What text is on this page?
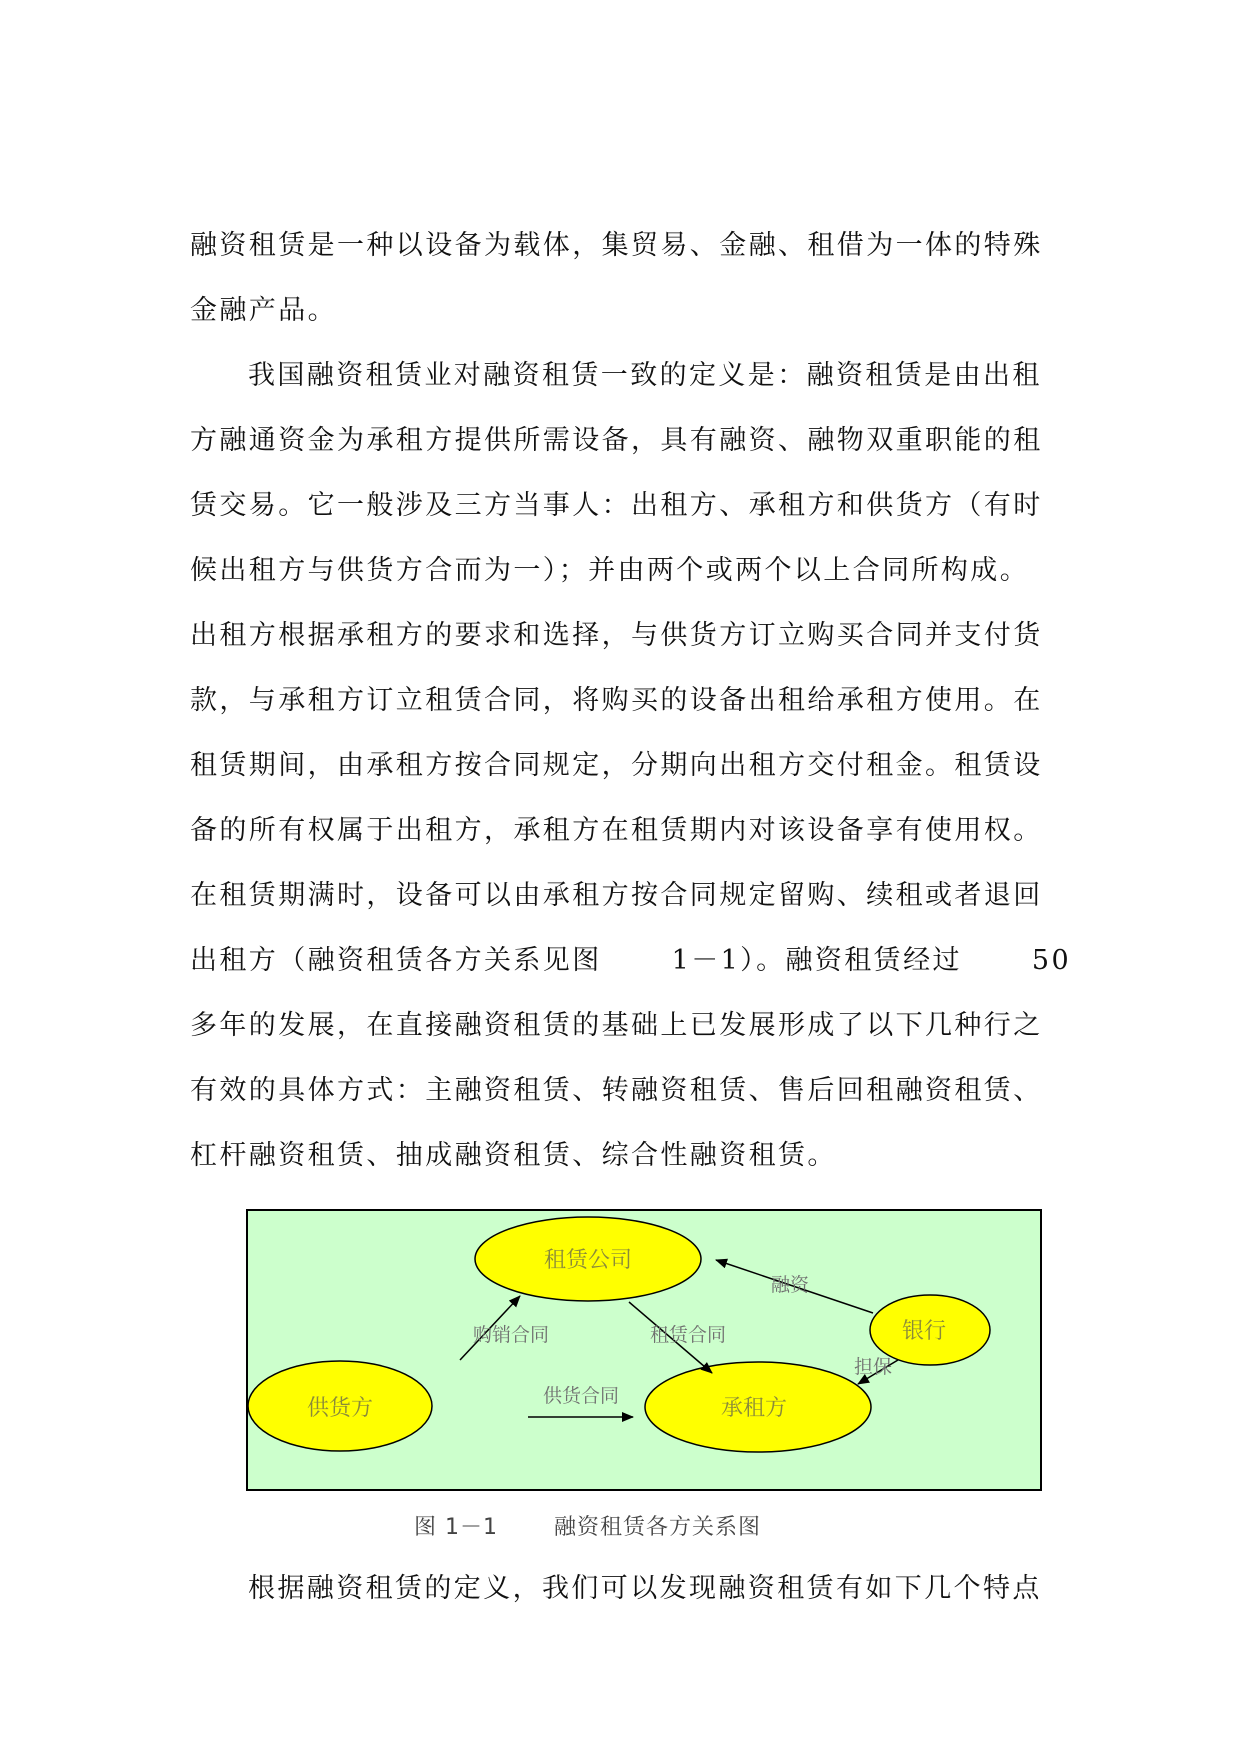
融资租赁是一种以设备为载体，集贸易、金融、租借为一体的特殊
金融产品。
我国融资租赁业对融资租赁一致的定义是：融资租赁是由出租
方融通资金为承租方提供所需设备，具有融资、融物双重职能的租
赁交易。它一般涉及三方当事人：出租方、承租方和供货方（有时
候出租方与供货方合而为一）；并由两个或两个以上合同所构成。
出租方根据承租方的要求和选择，与供货方订立购买合同并支付货
款，与承租方订立租赁合同，将购买的设备出租给承租方使用。在
租赁期间，由承租方按合同规定，分期向出租方交付租金。租赁设
备的所有权属于出租方，承租方在租赁期内对该设备享有使用权。
在租赁期满时，设备可以由承租方按合同规定留购、续租或者退回
出租方（融资租赁各方关系见图	1－1）。融资租赁经过	50
多年的发展，在直接融资租赁的基础上已发展形成了以下几种行之
有效的具体方式：主融资租赁、转融资租赁、售后回租融资租赁、
杠杆融资租赁、抽成融资租赁、综合性融资租赁。
租赁公司
银行
供货方	承租方
融资
购销合同	租赁合同
担保
供货合同
图 1－1	融资租赁各方关系图
根据融资租赁的定义，我们可以发现融资租赁有如下几个特点
